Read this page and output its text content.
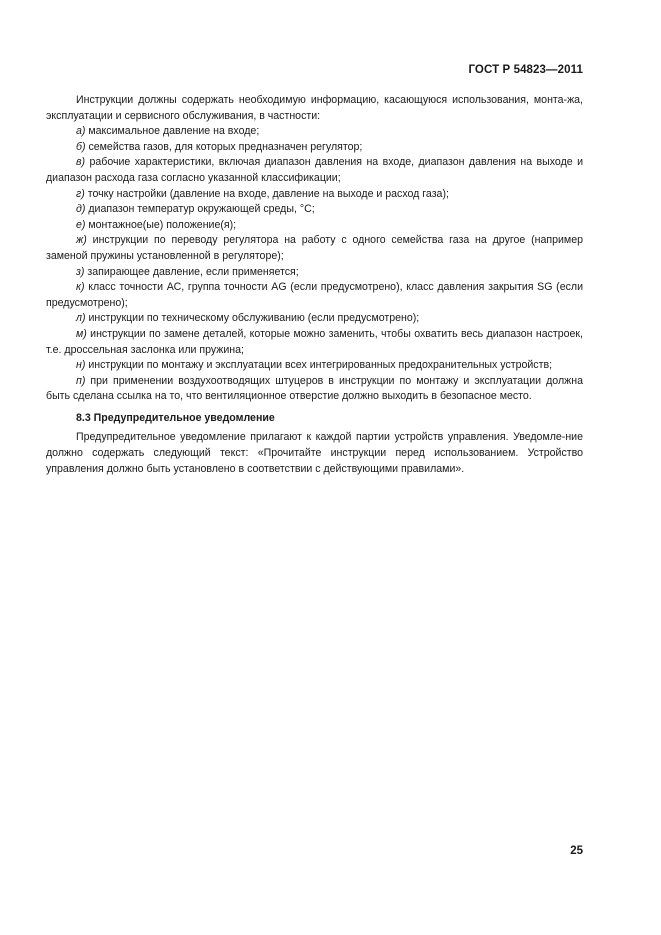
ГОСТ Р 54823—2011

Инструкции должны содержать необходимую информацию, касающуюся использования, монта-жа, эксплуатации и сервисного обслуживания, в частности:

а) максимальное давление на входе;

б) семейства газов, для которых предназначен регулятор;

в) рабочие характеристики, включая диапазон давления на входе, диапазон давления на выходе и диапазон расхода газа согласно указанной классификации;

г) точку настройки (давление на входе, давление на выходе и расход газа);

д) диапазон температур окружающей среды, °С;

е) монтажное(ые) положение(я);

ж) инструкции по переводу регулятора на работу с одного семейства газа на другое (например заменой пружины установленной в регуляторе);

з) запирающее давление, если применяется;

к) класс точности АС, группа точности AG (если предусмотрено), класс давления закрытия SG (если предусмотрено);

л) инструкции по техническому обслуживанию (если предусмотрено);

м) инструкции по замене деталей, которые можно заменить, чтобы охватить весь диапазон настроек, т.е. дроссельная заслонка или пружина;

н) инструкции по монтажу и эксплуатации всех интегрированных предохранительных устройств;

п) при применении воздухоотводящих штуцеров в инструкции по монтажу и эксплуатации должна быть сделана ссылка на то, что вентиляционное отверстие должно выходить в безопасное место.

8.3 Предупредительное уведомление

Предупредительное уведомление прилагают к каждой партии устройств управления. Уведомле-ние должно содержать следующий текст: «Прочитайте инструкции перед использованием. Устройство управления должно быть установлено в соответствии с действующими правилами».

25
